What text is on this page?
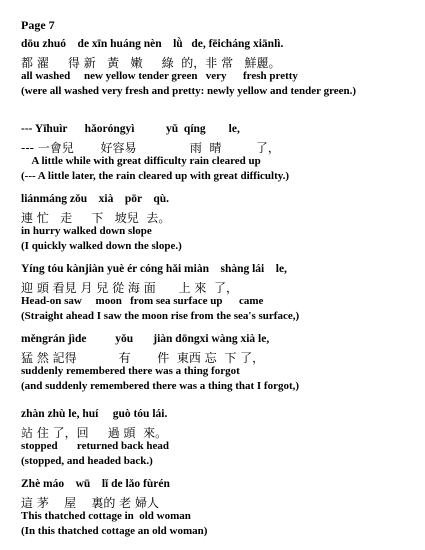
Page 7
dōu zhuó    de xīn huáng nèn    lǜ   de, fēicháng xiānlì.
都 濯     得 新   黃   嫩     綠  的，非 常   鮮麗。
all washed     new yellow tender green   very      fresh pretty
(were all washed very fresh and pretty: newly yellow and tender green.)
--- Yīhuìr      hǎoróngyì           yǔ  qíng        le,
--- 一會兒       好容易              雨  晴         了，
A little while with great difficulty rain cleared up
(--- A little later, the rain cleared up with great difficulty.)
liánmáng zǒu    xià    pōr    qù.
連 忙   走     下   坡兒  去。
in hurry walked down slope
(I quickly walked down the slope.)
Yíng tóu kànjiàn yuè ér cóng hǎi miàn    shàng lái    le,
迎 頭 看見 月 兒 從 海 面      上 來  了，
Head-on saw     moon   from sea surface up      came
(Straight ahead I saw the moon rise from the sea's surface,)
měngrán jìde          yǒu       jiàn dōngxi wàng xià le,
猛 然 記得           有       件  東西 忘  下 了，
suddenly remembered there was a thing forgot
(and suddenly remembered there was a thing that I forgot,)
zhàn zhù le, huí     guò tóu lái.
站 住 了，回     過 頭  來。
stopped       returned back head
(stopped, and headed back.)
Zhè máo    wū    lǐ de lǎo fùrén
這 茅    屋    裏的 老 婦人
This thatched cottage in  old woman
(In this thatched cottage an old woman)
